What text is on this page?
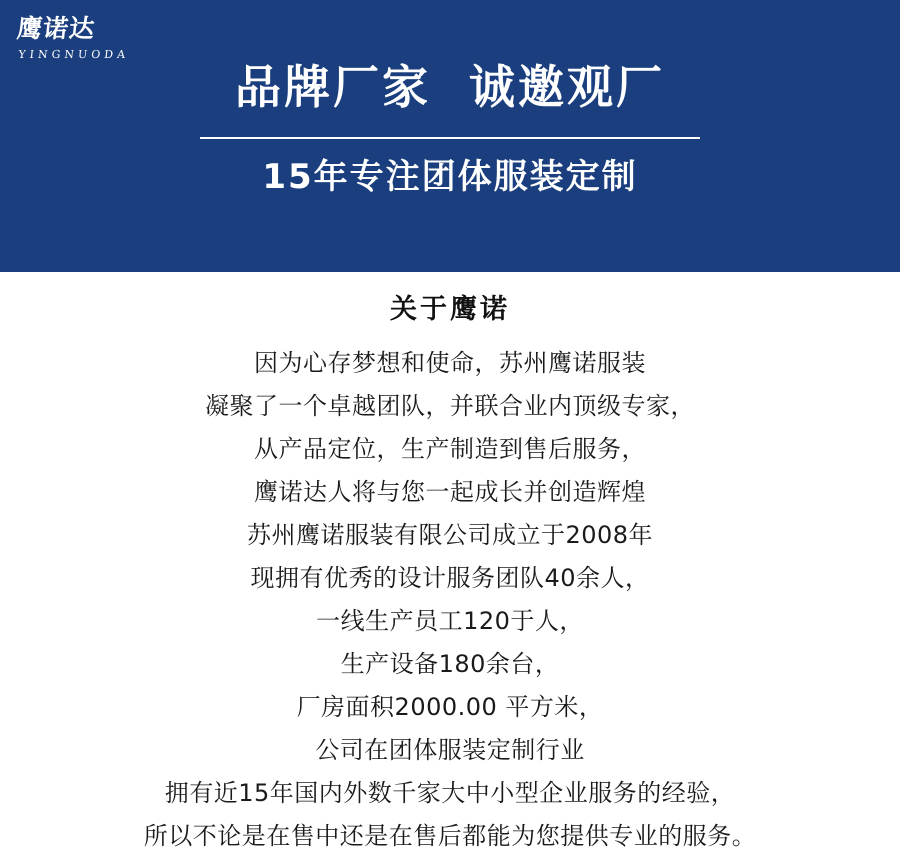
鹰诺达
YINGNUODA
品牌厂家  诚邀观厂
15年专注团体服装定制
关于鹰诺
因为心存梦想和使命，苏州鹰诺服装
凝聚了一个卓越团队，并联合业内顶级专家，
从产品定位，生产制造到售后服务，
鹰诺达人将与您一起成长并创造辉煌
苏州鹰诺服装有限公司成立于2008年
现拥有优秀的设计服务团队40余人，
一线生产员工120于人，
生产设备180余台，
厂房面积2000.00 平方米，
公司在团体服装定制行业
拥有近15年国内外数千家大中小型企业服务的经验，
所以不论是在售中还是在售后都能为您提供专业的服务。
